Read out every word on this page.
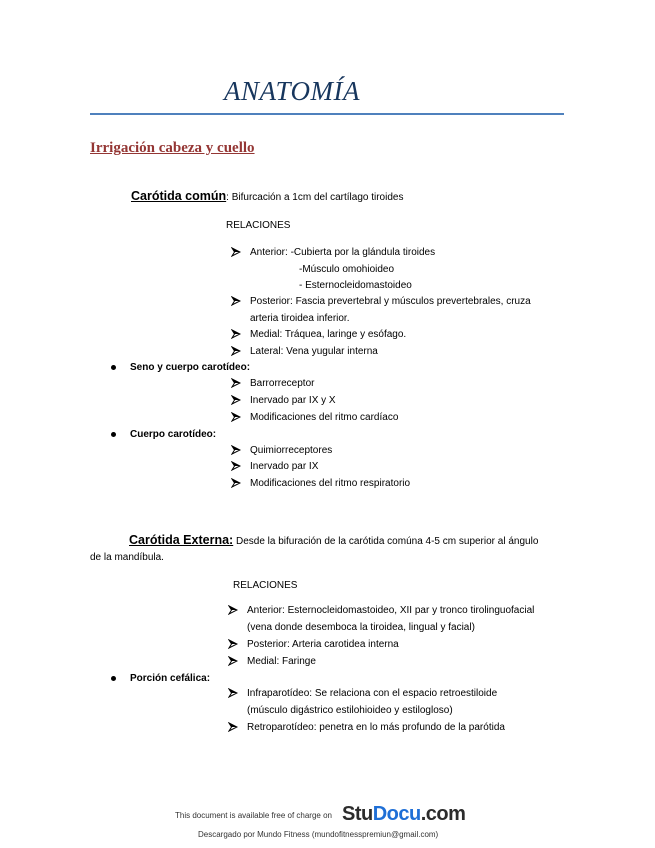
ANATOMÍA
Irrigación cabeza y cuello
Carótida común: Bifurcación a 1cm del cartílago tiroides
RELACIONES
Anterior: -Cubierta por la glándula tiroides
-Músculo omohioideo
- Esternocleidomastoideo
Posterior: Fascia prevertebral y músculos prevertebrales, cruza
arteria tiroidea inferior.
Medial: Tráquea, laringe y esófago.
Lateral: Vena yugular interna
Seno y cuerpo carotídeo:
Barrorreceptor
Inervado par IX y X
Modificaciones del ritmo cardíaco
Cuerpo carotídeo:
Quimiorreceptores
Inervado par IX
Modificaciones del ritmo respiratorio
Carótida Externa: Desde la bifuración de la carótida comúna 4-5 cm superior al ángulo
de la mandíbula.
RELACIONES
Anterior: Esternocleidomastoideo, XII par y tronco tirolinguofacial
(vena donde desemboca la tiroidea, lingual y facial)
Posterior: Arteria carotidea interna
Medial: Faringe
Porción cefálica:
Infraparotídeo: Se relaciona con el espacio retroestiloide
(músculo digástrico estilohioideo y estilogloso)
Retroparotídeo: penetra en lo más profundo de la parótida
This document is available free of charge on StuDocu.com
Descargado por Mundo Fitness (mundofitnesspremiun@gmail.com)
